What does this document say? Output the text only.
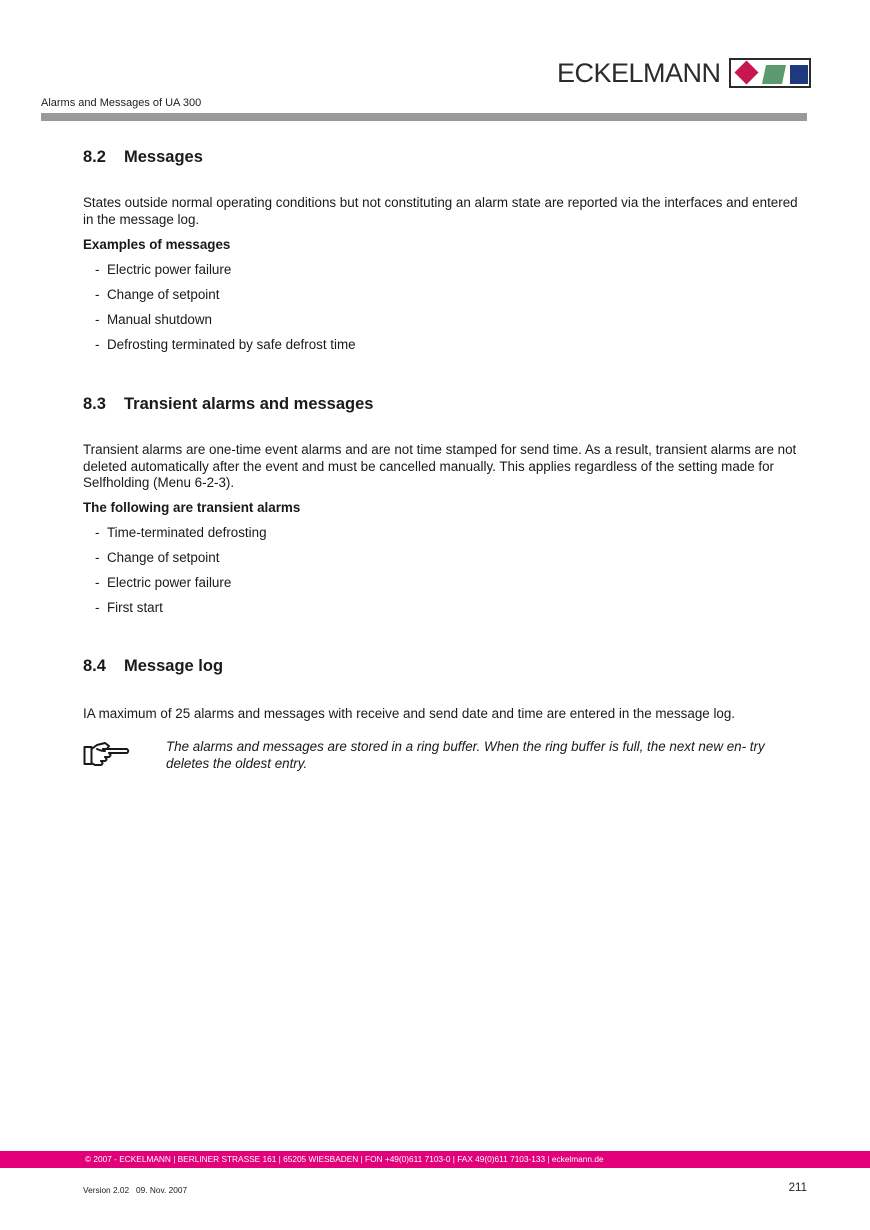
ECKELMANN
Alarms and Messages of UA 300
8.2 Messages

States outside normal operating conditions but not constituting an alarm state are reported via the interfaces and entered in the message log.

Examples of messages
- Electric power failure
- Change of setpoint
- Manual shutdown
- Defrosting terminated by safe defrost time
8.3 Transient alarms and messages

Transient alarms are one-time event alarms and are not time stamped for send time. As a result, transient alarms are not deleted automatically after the event and must be cancelled manually. This applies regardless of the setting made for Selfholding (Menu 6-2-3).

The following are transient alarms
- Time-terminated defrosting
- Change of setpoint
- Electric power failure
- First start
8.4 Message log

IA maximum of 25 alarms and messages with receive and send date and time are entered in the message log.

The alarms and messages are stored in a ring buffer. When the ring buffer is full, the next new en- try deletes the oldest entry.

© 2007 - ECKELMANN | BERLINER STRASSE 161 | 65205 WIESBADEN | FON +49(0)611 7103-0 | FAX 49(0)611 7103-133 | eckelmann.de
Version 2.02   09. Nov. 2007	211
